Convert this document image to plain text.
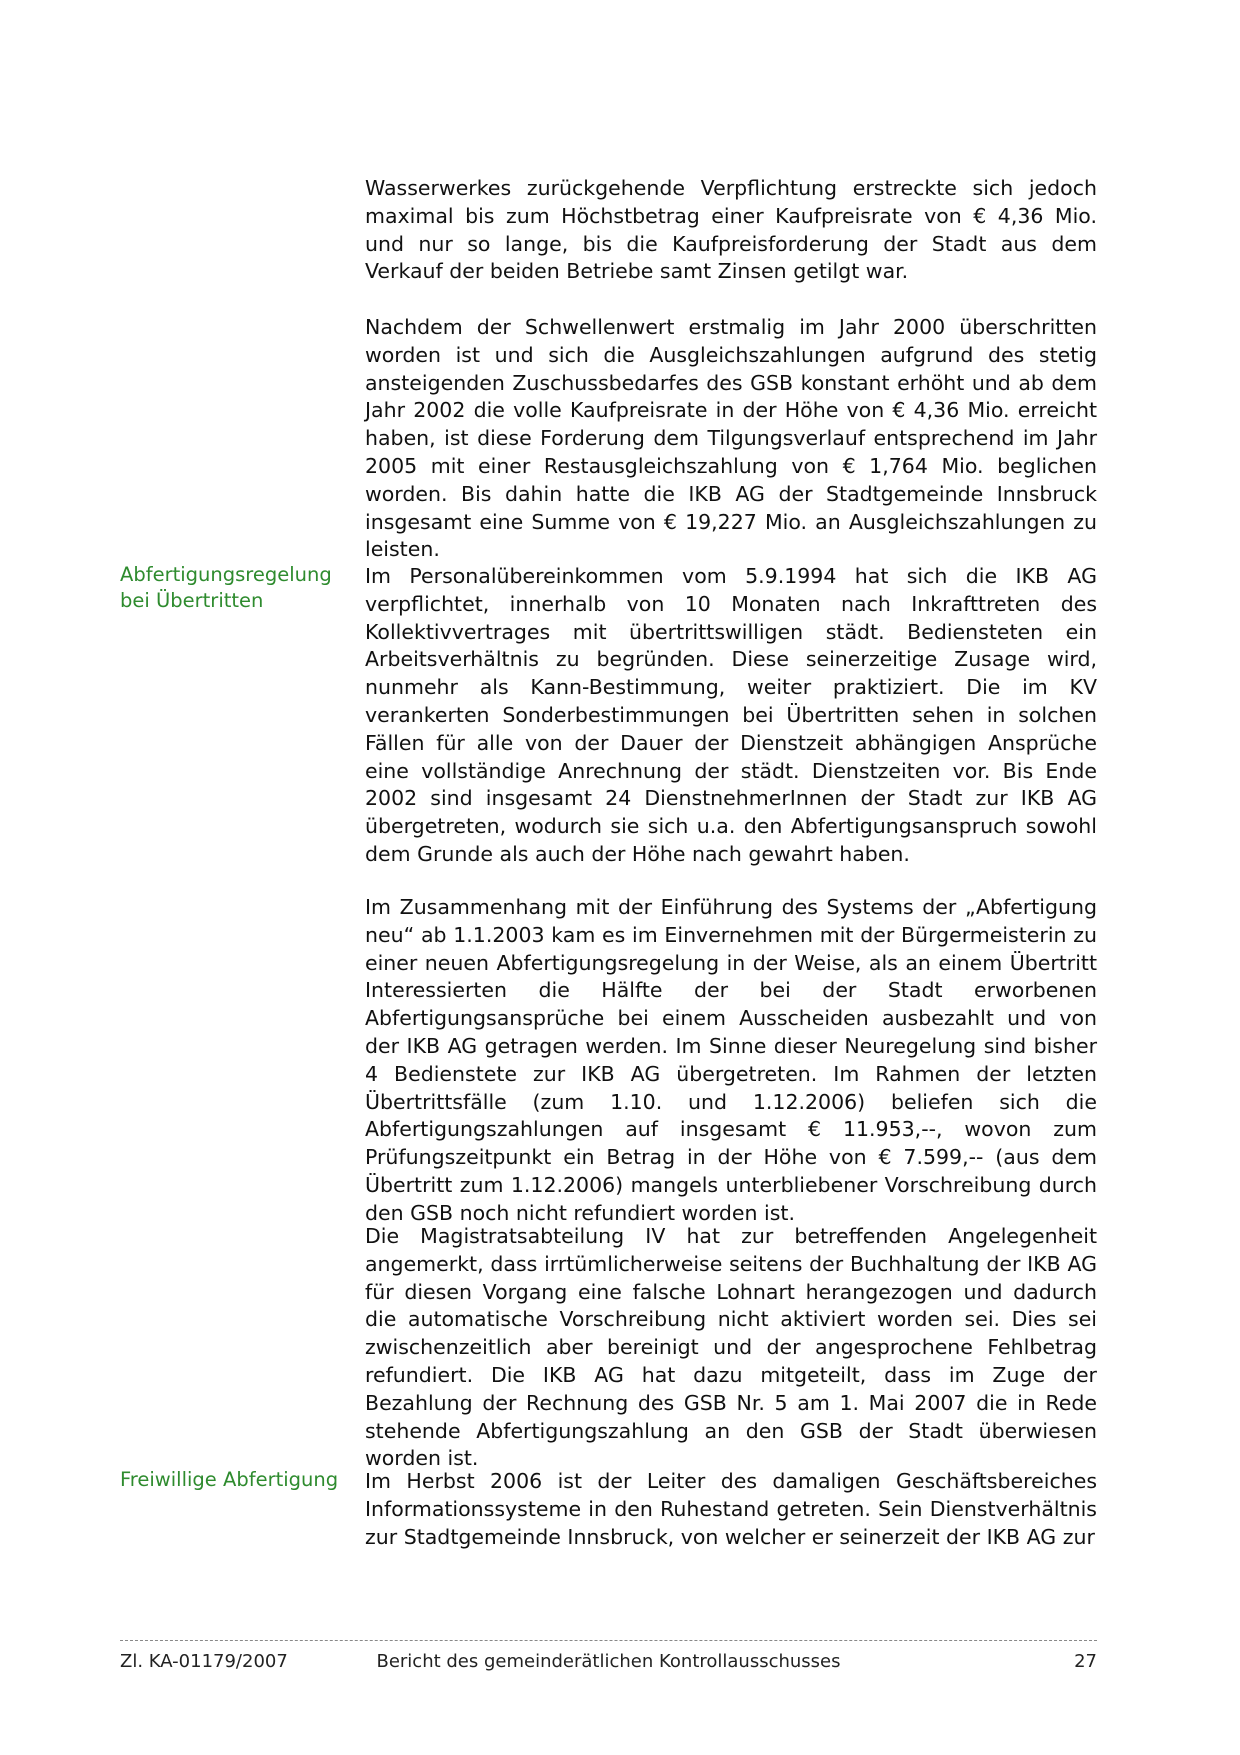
Wasserwerkes zurückgehende Verpflichtung erstreckte sich jedoch maximal bis zum Höchstbetrag einer Kaufpreisrate von € 4,36 Mio. und nur so lange, bis die Kaufpreisforderung der Stadt aus dem Verkauf der beiden Betriebe samt Zinsen getilgt war.

Nachdem der Schwellenwert erstmalig im Jahr 2000 überschritten worden ist und sich die Ausgleichszahlungen aufgrund des stetig ansteigenden Zuschussbedarfes des GSB konstant erhöht und ab dem Jahr 2002 die volle Kaufpreisrate in der Höhe von € 4,36 Mio. erreicht haben, ist diese Forderung dem Tilgungsverlauf entsprechend im Jahr 2005 mit einer Restausgleichszahlung von € 1,764 Mio. beglichen worden. Bis dahin hatte die IKB AG der Stadtgemeinde Innsbruck insgesamt eine Summe von € 19,227 Mio. an Ausgleichszahlungen zu leisten.

Abfertigungsregelung
bei Übertritten

Im Personalübereinkommen vom 5.9.1994 hat sich die IKB AG verpflichtet, innerhalb von 10 Monaten nach Inkrafttreten des Kollektivvertrages mit übertrittswilligen städt. Bediensteten ein Arbeitsverhältnis zu begründen. Diese seinerzeitige Zusage wird, nunmehr als Kann-Bestimmung, weiter praktiziert. Die im KV verankerten Sonderbestimmungen bei Übertritten sehen in solchen Fällen für alle von der Dauer der Dienstzeit abhängigen Ansprüche eine vollständige Anrechnung der städt. Dienstzeiten vor. Bis Ende 2002 sind insgesamt 24 DienstnehmerInnen der Stadt zur IKB AG übergetreten, wodurch sie sich u.a. den Abfertigungsanspruch sowohl dem Grunde als auch der Höhe nach gewahrt haben.

Im Zusammenhang mit der Einführung des Systems der „Abfertigung neu“ ab 1.1.2003 kam es im Einvernehmen mit der Bürgermeisterin zu einer neuen Abfertigungsregelung in der Weise, als an einem Übertritt Interessierten die Hälfte der bei der Stadt erworbenen Abfertigungsansprüche bei einem Ausscheiden ausbezahlt und von der IKB AG getragen werden. Im Sinne dieser Neuregelung sind bisher 4 Bedienstete zur IKB AG übergetreten. Im Rahmen der letzten Übertrittsfälle (zum 1.10. und 1.12.2006) beliefen sich die Abfertigungszahlungen auf insgesamt € 11.953,--, wovon zum Prüfungszeitpunkt ein Betrag in der Höhe von € 7.599,-- (aus dem Übertritt zum 1.12.2006) mangels unterbliebener Vorschreibung durch den GSB noch nicht refundiert worden ist.

Die Magistratsabteilung IV hat zur betreffenden Angelegenheit angemerkt, dass irrtümlicherweise seitens der Buchhaltung der IKB AG für diesen Vorgang eine falsche Lohnart herangezogen und dadurch die automatische Vorschreibung nicht aktiviert worden sei. Dies sei zwischenzeitlich aber bereinigt und der angesprochene Fehlbetrag refundiert. Die IKB AG hat dazu mitgeteilt, dass im Zuge der Bezahlung der Rechnung des GSB Nr. 5 am 1. Mai 2007 die in Rede stehende Abfertigungszahlung an den GSB der Stadt überwiesen worden ist.

Freiwillige Abfertigung Im Herbst 2006 ist der Leiter des damaligen Geschäftsbereiches Informationssysteme in den Ruhestand getreten. Sein Dienstverhältnis zur Stadtgemeinde Innsbruck, von welcher er seinerzeit der IKB AG zur

Zl. KA-01179/2007	Bericht des gemeinderätlichen Kontrollausschusses	27
